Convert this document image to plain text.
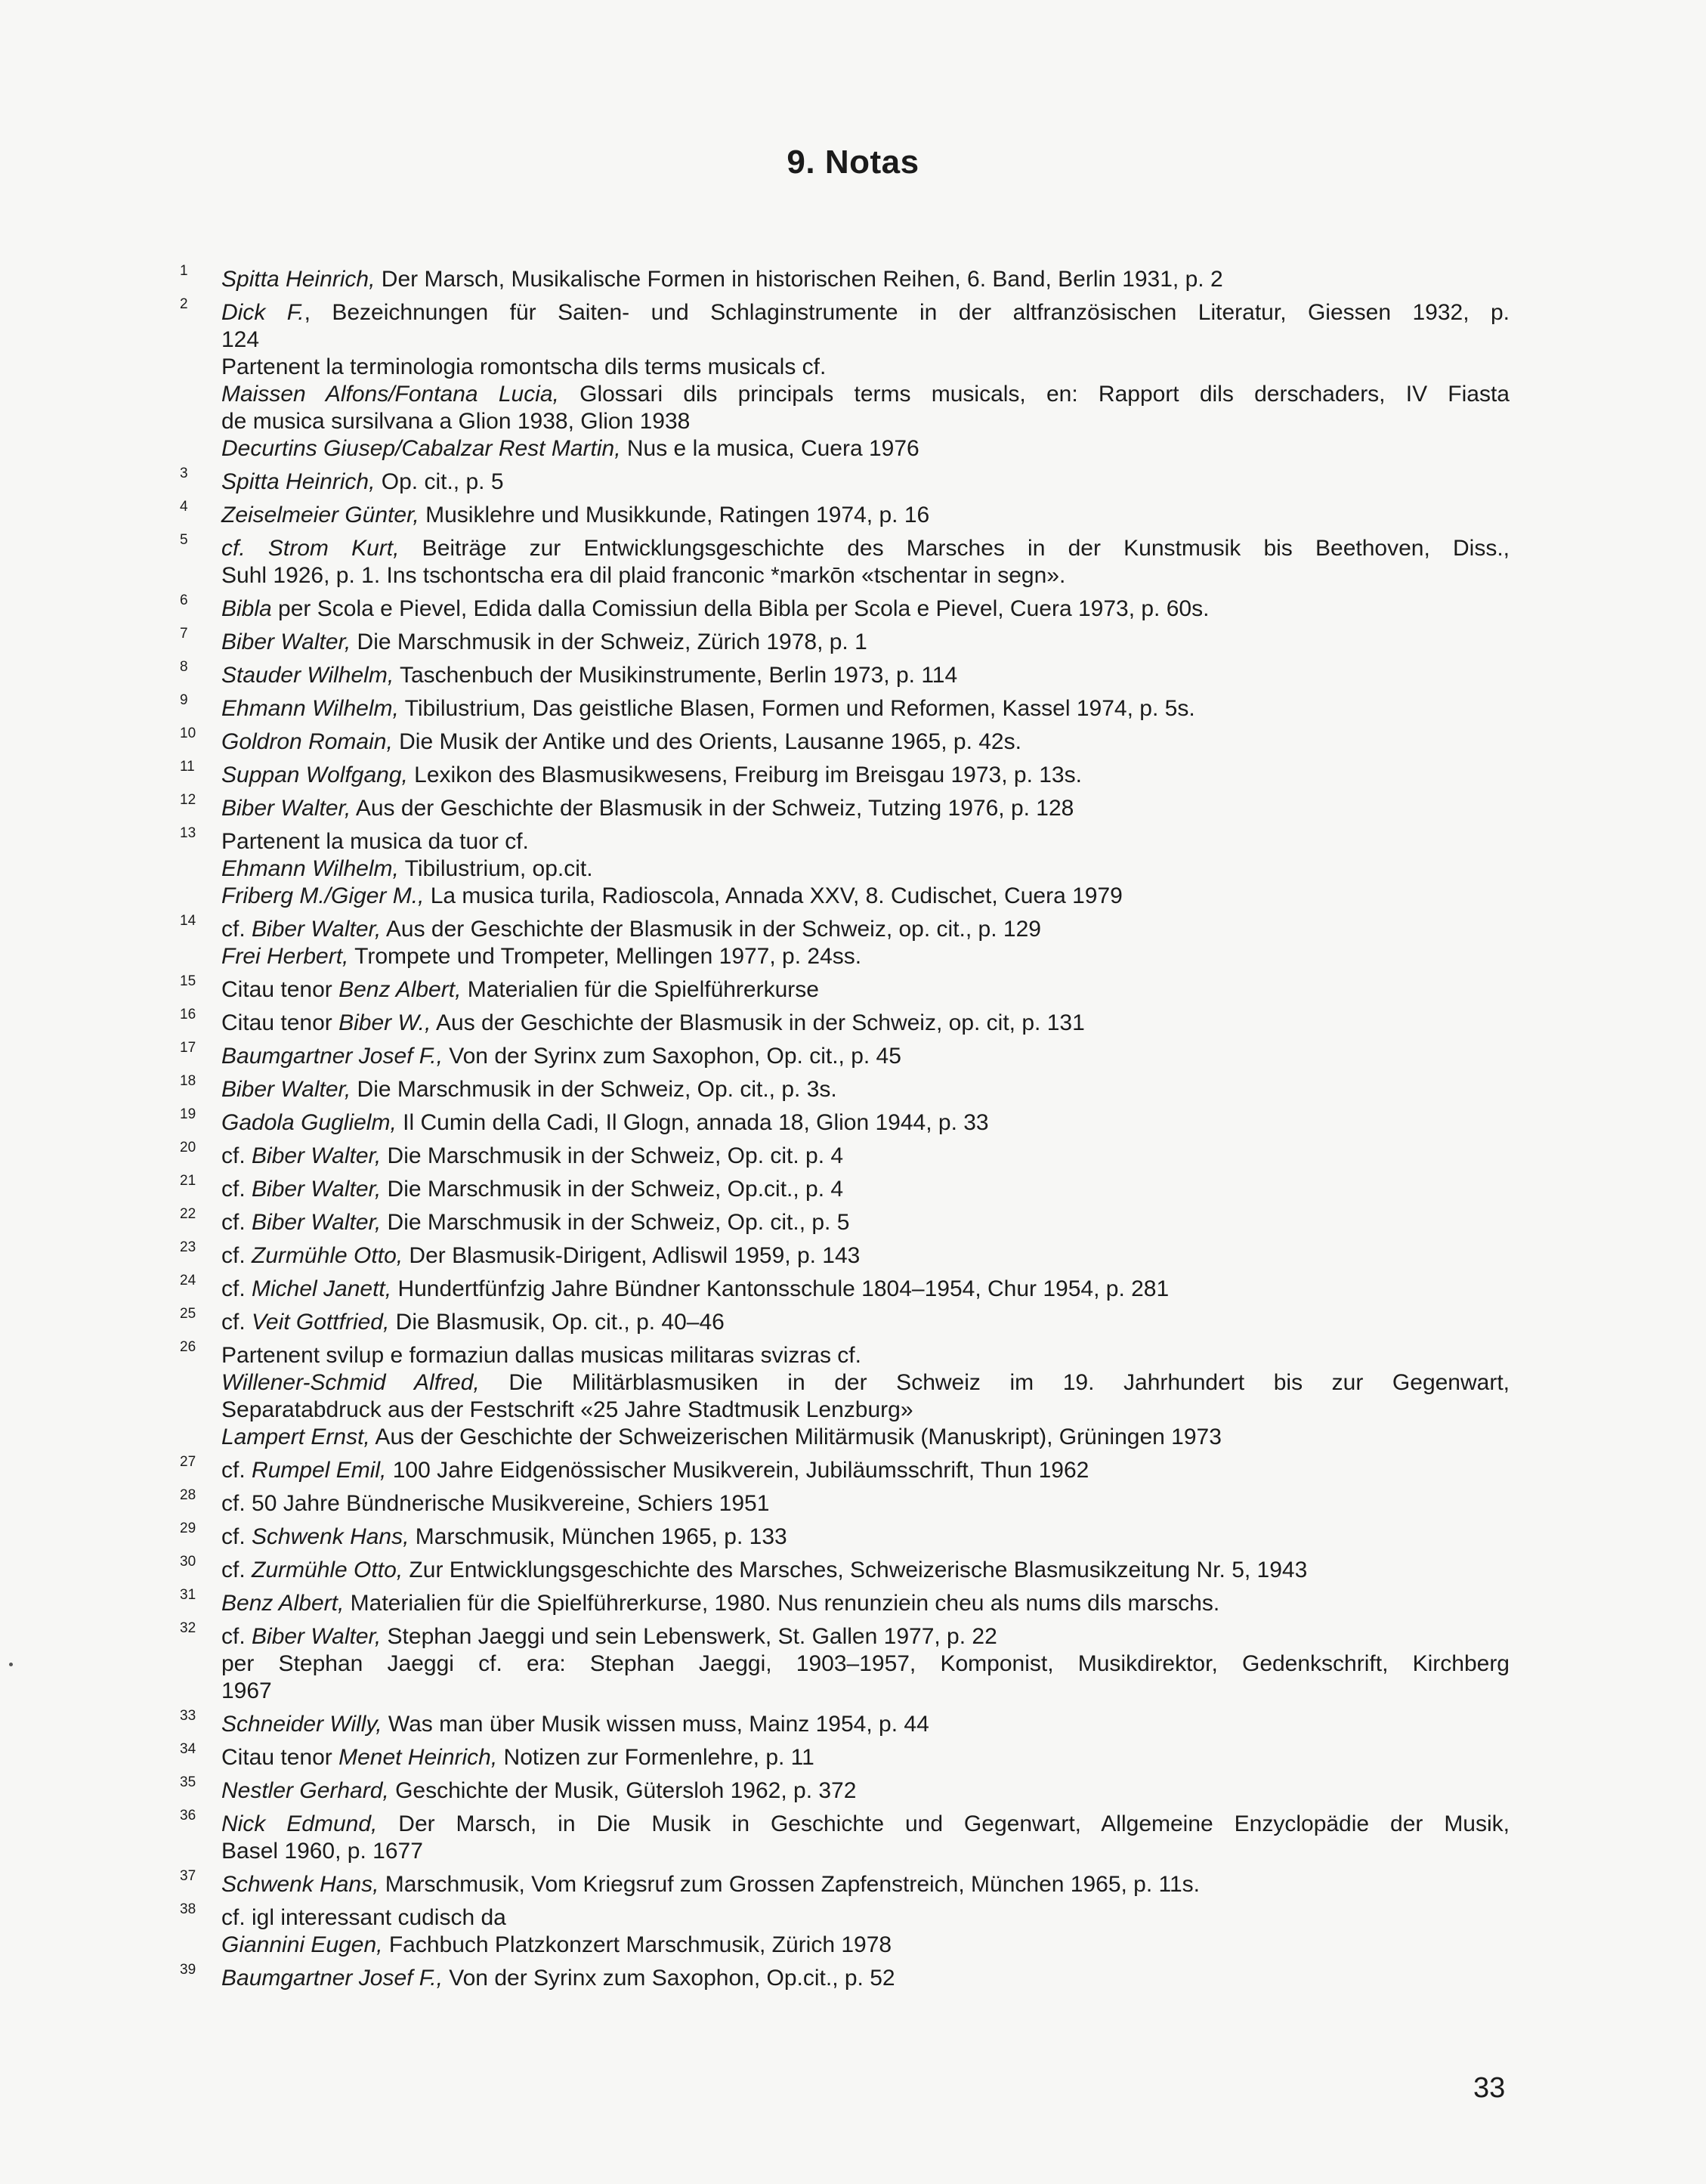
9. Notas
1 Spitta Heinrich, Der Marsch, Musikalische Formen in historischen Reihen, 6. Band, Berlin 1931, p. 2
2 Dick F., Bezeichnungen für Saiten- und Schlaginstrumente in der altfranzösischen Literatur, Giessen 1932, p.
124
Partenent la terminologia romontscha dils terms musicals cf.
Maissen Alfons/Fontana Lucia, Glossari dils principals terms musicals, en: Rapport dils derschaders, IV Fiasta
de musica sursilvana a Glion 1938, Glion 1938
Decurtins Giusep/Cabalzar Rest Martin, Nus e la musica, Cuera 1976
3 Spitta Heinrich, Op. cit., p. 5
4 Zeiselmeier Günter, Musiklehre und Musikkunde, Ratingen 1974, p. 16
5 cf. Strom Kurt, Beiträge zur Entwicklungsgeschichte des Marsches in der Kunstmusik bis Beethoven, Diss.,
Suhl 1926, p. 1. Ins tschontscha era dil plaid franconic *markōn «tschentar in segn».
6 Bibla per Scola e Pievel, Edida dalla Comissiun della Bibla per Scola e Pievel, Cuera 1973, p. 60s.
7 Biber Walter, Die Marschmusik in der Schweiz, Zürich 1978, p. 1
8 Stauder Wilhelm, Taschenbuch der Musikinstrumente, Berlin 1973, p. 114
9 Ehmann Wilhelm, Tibilustrium, Das geistliche Blasen, Formen und Reformen, Kassel 1974, p. 5s.
10 Goldron Romain, Die Musik der Antike und des Orients, Lausanne 1965, p. 42s.
11 Suppan Wolfgang, Lexikon des Blasmusikwesens, Freiburg im Breisgau 1973, p. 13s.
12 Biber Walter, Aus der Geschichte der Blasmusik in der Schweiz, Tutzing 1976, p. 128
13 Partenent la musica da tuor cf.
Ehmann Wilhelm, Tibilustrium, op.cit.
Friberg M./Giger M., La musica turila, Radioscola, Annada XXV, 8. Cudischet, Cuera 1979
14 cf. Biber Walter, Aus der Geschichte der Blasmusik in der Schweiz, op. cit., p. 129
Frei Herbert, Trompete und Trompeter, Mellingen 1977, p. 24ss.
15 Citau tenor Benz Albert, Materialien für die Spielführerkurse
16 Citau tenor Biber W., Aus der Geschichte der Blasmusik in der Schweiz, op. cit, p. 131
17 Baumgartner Josef F., Von der Syrinx zum Saxophon, Op. cit., p. 45
18 Biber Walter, Die Marschmusik in der Schweiz, Op. cit., p. 3s.
19 Gadola Guglielm, Il Cumin della Cadi, Il Glogn, annada 18, Glion 1944, p. 33
20 cf. Biber Walter, Die Marschmusik in der Schweiz, Op. cit. p. 4
21 cf. Biber Walter, Die Marschmusik in der Schweiz, Op.cit., p. 4
22 cf. Biber Walter, Die Marschmusik in der Schweiz, Op. cit., p. 5
23 cf. Zurmühle Otto, Der Blasmusik-Dirigent, Adliswil 1959, p. 143
24 cf. Michel Janett, Hundertfünfzig Jahre Bündner Kantonsschule 1804–1954, Chur 1954, p. 281
25 cf. Veit Gottfried, Die Blasmusik, Op. cit., p. 40–46
26 Partenent svilup e formaziun dallas musicas militaras svizras cf.
Willener-Schmid Alfred, Die Militärblasmusiken in der Schweiz im 19. Jahrhundert bis zur Gegenwart,
Separatabdruck aus der Festschrift «25 Jahre Stadtmusik Lenzburg»
Lampert Ernst, Aus der Geschichte der Schweizerischen Militärmusik (Manuskript), Grüningen 1973
27 cf. Rumpel Emil, 100 Jahre Eidgenössischer Musikverein, Jubiläumsschrift, Thun 1962
28 cf. 50 Jahre Bündnerische Musikvereine, Schiers 1951
29 cf. Schwenk Hans, Marschmusik, München 1965, p. 133
30 cf. Zurmühle Otto, Zur Entwicklungsgeschichte des Marsches, Schweizerische Blasmusikzeitung Nr. 5, 1943
31 Benz Albert, Materialien für die Spielführerkurse, 1980. Nus renunziein cheu als nums dils marschs.
32 cf. Biber Walter, Stephan Jaeggi und sein Lebenswerk, St. Gallen 1977, p. 22
per Stephan Jaeggi cf. era: Stephan Jaeggi, 1903–1957, Komponist, Musikdirektor, Gedenkschrift, Kirchberg
1967
33 Schneider Willy, Was man über Musik wissen muss, Mainz 1954, p. 44
34 Citau tenor Menet Heinrich, Notizen zur Formenlehre, p. 11
35 Nestler Gerhard, Geschichte der Musik, Gütersloh 1962, p. 372
36 Nick Edmund, Der Marsch, in Die Musik in Geschichte und Gegenwart, Allgemeine Enzyclopädie der Musik,
Basel 1960, p. 1677
37 Schwenk Hans, Marschmusik, Vom Kriegsruf zum Grossen Zapfenstreich, München 1965, p. 11s.
38 cf. igl interessant cudisch da
Giannini Eugen, Fachbuch Platzkonzert Marschmusik, Zürich 1978
39 Baumgartner Josef F., Von der Syrinx zum Saxophon, Op.cit., p. 52
33
